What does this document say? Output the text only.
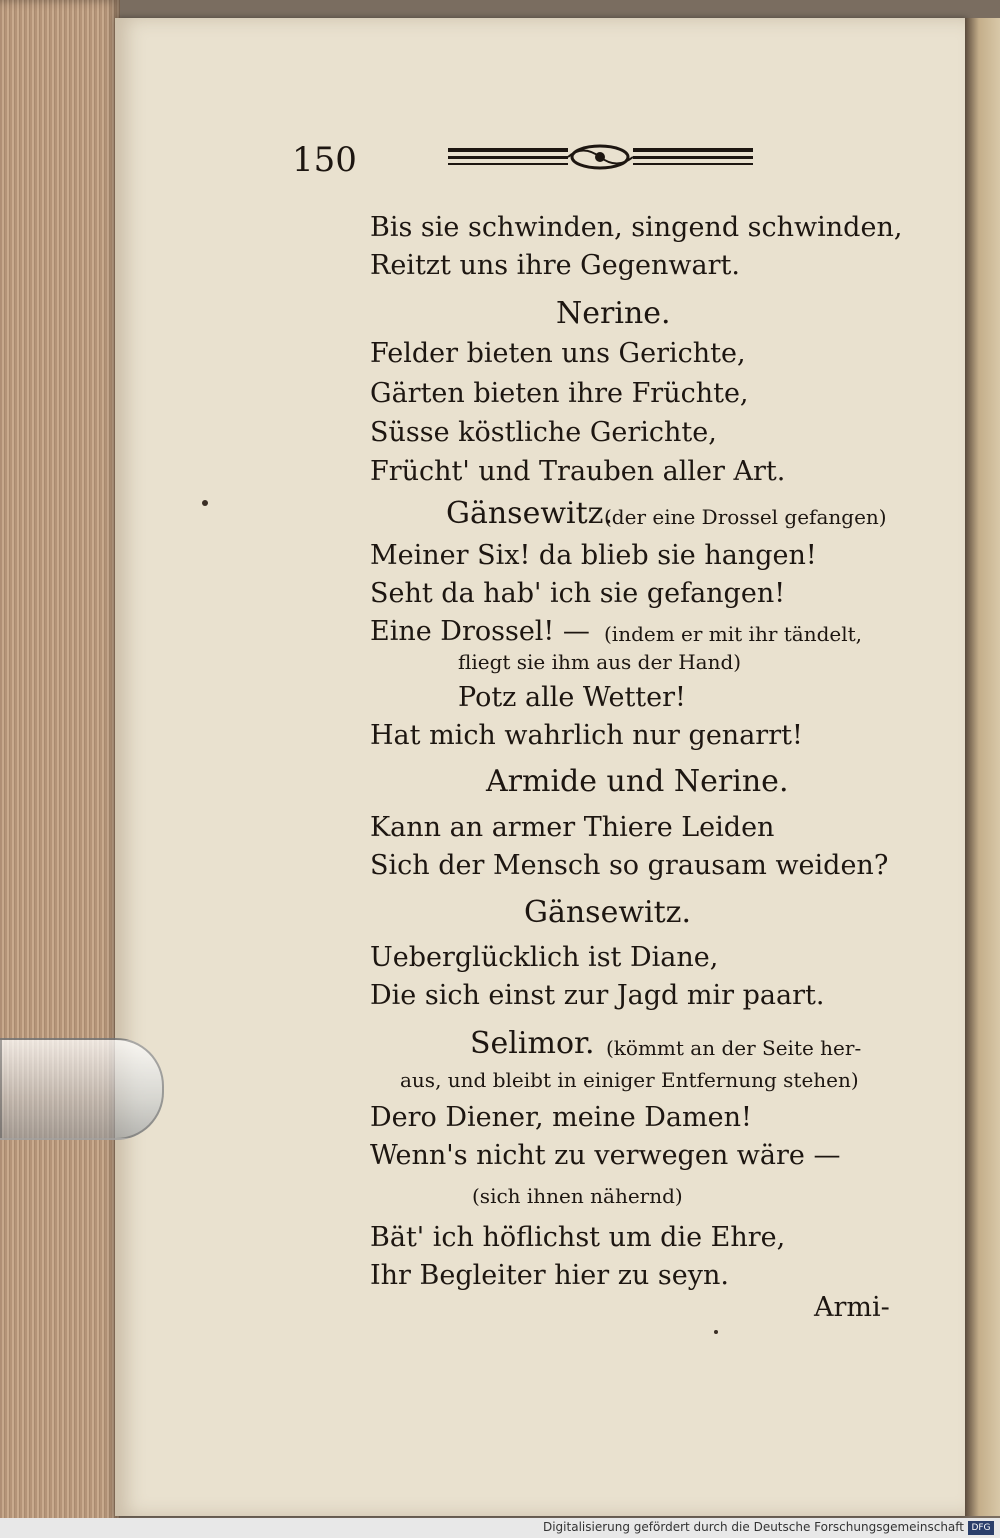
150
Bis sie schwinden, singend schwinden,
Reitzt uns ihre Gegenwart.
Nerine.
Felder bieten uns Gerichte,
Gärten bieten ihre Früchte,
Süsse köstliche Gerichte,
Frücht' und Trauben aller Art.
Gänsewitz.
(der eine Drossel gefangen)
Meiner Six! da blieb sie hangen!
Seht da hab' ich sie gefangen!
Eine Drossel! — (indem er mit ihr tändelt,
fliegt sie ihm aus der Hand)
Potz alle Wetter!
Hat mich wahrlich nur genarrt!
Armide und Nerine.
Kann an armer Thiere Leiden
Sich der Mensch so grausam weiden?
Gänsewitz.
Ueberglücklich ist Diane,
Die sich einst zur Jagd mir paart.
Selimor. (kömmt an der Seite her-
aus, und bleibt in einiger Entfernung stehen)
Dero Diener, meine Damen!
Wenn's nicht zu verwegen wäre —
(sich ihnen nähernd)
Bät' ich höflichst um die Ehre,
Ihr Begleiter hier zu seyn.
Armi-
Digitalisierung gefördert durch die Deutsche Forschungsgemeinschaft DFG
